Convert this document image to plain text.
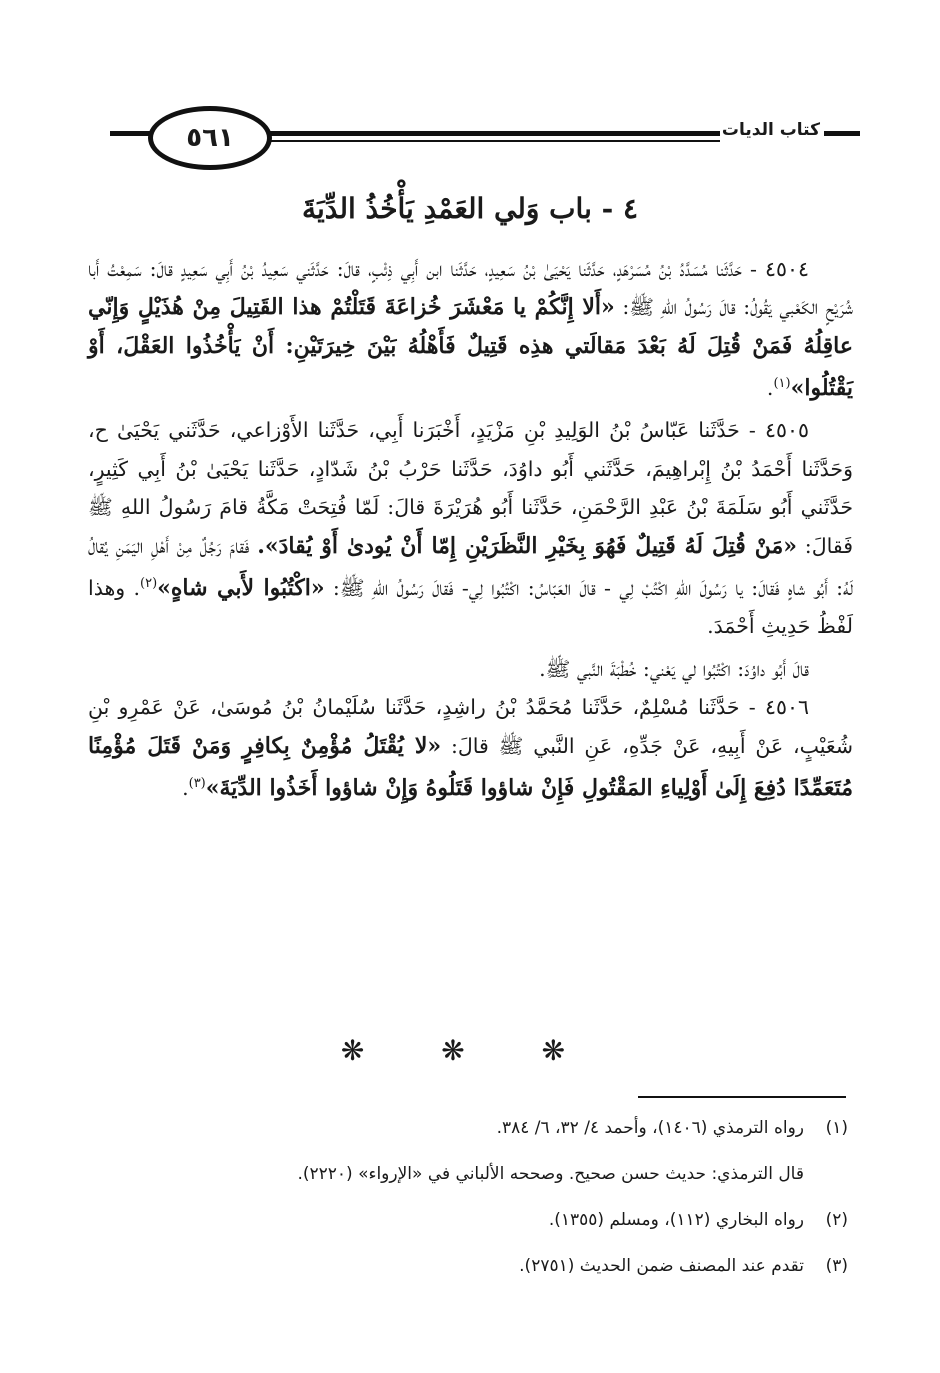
٥٦١	كتاب الديات
٤ - باب وَلي العَمْدِ يَأْخُذُ الدِّيَةَ

٤٥٠٤ - حَدَّثَنا مُسَدَّدُ بْنُ مُسَرْهَدٍ، حَدَّثَنا يَحْيَىٰ بْنُ سَعِيدٍ، حَدَّثَنا ابن أَبِي ذِئْبٍ، قالَ: حَدَّثَني سَعِيدُ بْنُ أَبِي سَعِيدٍ قالَ: سَمِعْتُ أَبا شُرَيْحٍ الكَعْبي يَقُولُ: قالَ رَسُولُ اللهِ ﷺ: «أَلا إِنَّكُمْ يا مَعْشَرَ خُزاعَةَ قَتَلْتُمْ هذا القَتِيلَ مِنْ هُذَيْلٍ وَإِنّي عاقِلُهُ فَمَنْ قُتِلَ لَهُ بَعْدَ مَقالَتي هذِه قَتِيلٌ فَأَهْلُهُ بَيْنَ خِيرَتَيْنِ: أَنْ يَأْخُذُوا العَقْلَ، أَوْ يَقْتُلُوا»$^{(١)}$.

٤٥٠٥ - حَدَّثَنا عَبّاسُ بْنُ الوَلِيدِ بْنِ مَزْيَدٍ، أَخْبَرَنا أَبِي، حَدَّثَنا الأَوْزاعي، حَدَّثَني يَحْيَىٰ ح، وَحَدَّثَنا أَحْمَدُ بْنُ إِبْراهِيمَ، حَدَّثَني أَبُو داوُدَ، حَدَّثَنا حَرْبُ بْنُ شَدّادٍ، حَدَّثَنا يَحْيَىٰ بْنُ أَبِي كَثِيرٍ، حَدَّثَني أَبُو سَلَمَةَ بْنُ عَبْدِ الرَّحْمَنِ، حَدَّثَنا أَبُو هُرَيْرَةَ قالَ: لَمّا فُتِحَتْ مَكَّةُ قامَ رَسُولُ اللهِ ﷺ فَقالَ: «مَنْ قُتِلَ لَهُ قَتِيلٌ فَهُوَ بِخَيْرِ النَّظَرَيْنِ إِمّا أَنْ يُودىٰ أَوْ يُقادَ». فَقامَ رَجُلٌ مِنْ أَهْلِ اليَمَنِ يُقالُ لَهُ: أَبُو شاهٍ فَقالَ: يا رَسُولَ اللهِ اكْتُبْ لِي - قالَ العَبّاسُ: اكْتُبُوا لِي- فَقالَ رَسُولُ اللهِ ﷺ: «اكْتُبُوا لأَبي شاهٍ»$^{(٢)}$. وهذا لَفْظُ حَدِيثِ أَحْمَدَ.

قالَ أَبُو داوُدَ: اكْتُبُوا لي يَعْني: خُطْبَةَ النَّبي ﷺ.

٤٥٠٦ - حَدَّثَنا مُسْلِمٌ، حَدَّثَنا مُحَمَّدُ بْنُ راشِدٍ، حَدَّثَنا سُلَيْمانُ بْنُ مُوسَىٰ، عَنْ عَمْرِو بْنِ شُعَيْبٍ، عَنْ أَبِيهِ، عَنْ جَدِّهِ، عَنِ النَّبي ﷺ قالَ: «لا يُقْتَلُ مُؤْمِنٌ بِكافِرٍ وَمَنْ قَتَلَ مُؤْمِنًا مُتَعَمِّدًا دُفِعَ إِلَىٰ أَوْلِياءِ المَقْتُولِ فَإِنْ شاؤوا قَتَلُوهُ وَإِنْ شاؤوا أَخَذُوا الدِّيَةَ»$^{(٣)}$.

❋ ❋ ❋
(١)رواه الترمذي (١٤٠٦)، وأحمد ٤/ ٣٢، ٦/ ٣٨٤.
قال الترمذي: حديث حسن صحيح. وصححه الألباني في «الإرواء» (٢٢٢٠).
(٢)رواه البخاري (١١٢)، ومسلم (١٣٥٥).
(٣)تقدم عند المصنف ضمن الحديث (٢٧٥١).
